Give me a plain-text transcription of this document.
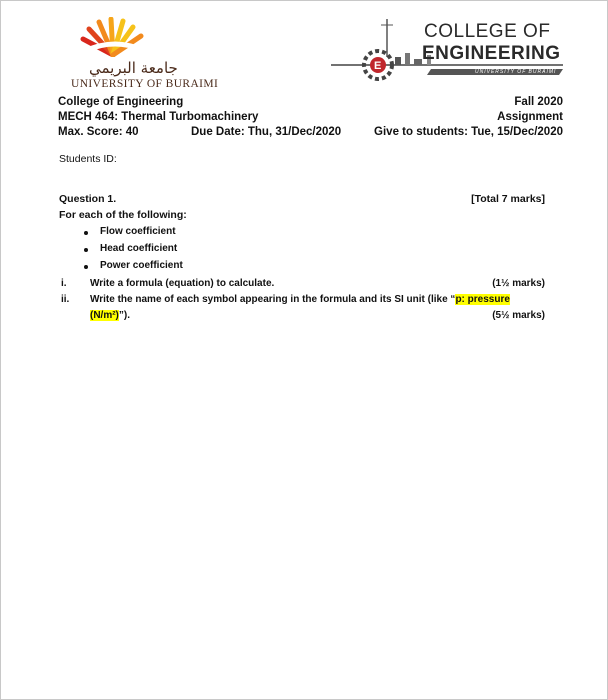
جامعة البريمي
UNIVERSITY OF BURAIMI
E
COLLEGE OF
ENGINEERING
UNIVERSITY OF BURAIMI
College of Engineering	Fall 2020
MECH 464: Thermal Turbomachinery	Assignment
Max. Score: 40	Due Date: Thu, 31/Dec/2020	Give to students: Tue, 15/Dec/2020
Students ID:
Question 1.	[Total 7 marks]
For each of the following:
Flow coefficient
Head coefficient
Power coefficient
i. Write a formula (equation) to calculate.	(1½ marks)
ii. Write the name of each symbol appearing in the formula and its SI unit (like “p: pressure
(N/m²)”).	(5½ marks)
